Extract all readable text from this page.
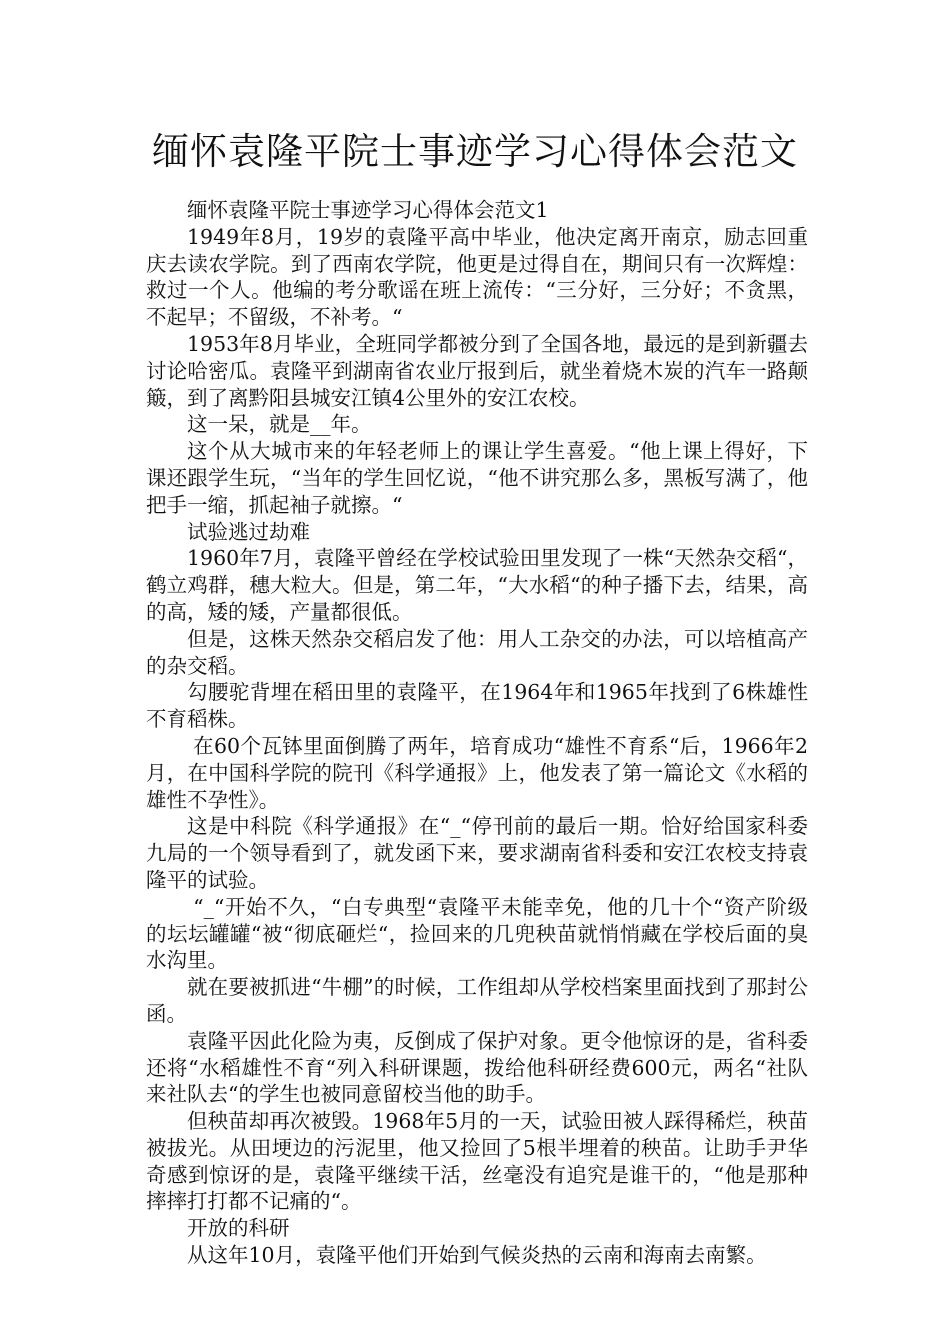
缅怀袁隆平院士事迹学习心得体会范文

缅怀袁隆平院士事迹学习心得体会范文1

1949年8月，19岁的袁隆平高中毕业，他决定离开南京，励志回重庆去读农学院。到了西南农学院，他更是过得自在，期间只有一次辉煌：救过一个人。他编的考分歌谣在班上流传：“三分好，三分好；不贪黑，不起早；不留级，不补考。“

1953年8月毕业，全班同学都被分到了全国各地，最远的是到新疆去讨论哈密瓜。袁隆平到湖南省农业厅报到后，就坐着烧木炭的汽车一路颠簸，到了离黔阳县城安江镇4公里外的安江农校。

这一呆，就是__年。

这个从大城市来的年轻老师上的课让学生喜爱。“他上课上得好，下课还跟学生玩，“当年的学生回忆说，“他不讲究那么多，黑板写满了，他把手一缩，抓起袖子就擦。“

试验逃过劫难

1960年7月，袁隆平曾经在学校试验田里发现了一株“天然杂交稻“，鹤立鸡群，穗大粒大。但是，第二年，“大水稻“的种子播下去，结果，高的高，矮的矮，产量都很低。

但是，这株天然杂交稻启发了他：用人工杂交的办法，可以培植高产的杂交稻。

勾腰驼背埋在稻田里的袁隆平，在1964年和1965年找到了6株雄性不育稻株。

在60个瓦钵里面倒腾了两年，培育成功“雄性不育系“后，1966年2月，在中国科学院的院刊《科学通报》上，他发表了第一篇论文《水稻的雄性不孕性》。

这是中科院《科学通报》在“_“停刊前的最后一期。恰好给国家科委九局的一个领导看到了，就发函下来，要求湖南省科委和安江农校支持袁隆平的试验。

“_“开始不久，“白专典型“袁隆平未能幸免，他的几十个“资产阶级的坛坛罐罐“被“彻底砸烂“，捡回来的几兜秧苗就悄悄藏在学校后面的臭水沟里。

就在要被抓进“牛棚”的时候，工作组却从学校档案里面找到了那封公函。

袁隆平因此化险为夷，反倒成了保护对象。更令他惊讶的是，省科委还将“水稻雄性不育“列入科研课题，拨给他科研经费600元，两名“社队来社队去“的学生也被同意留校当他的助手。

但秧苗却再次被毁。1968年5月的一天，试验田被人踩得稀烂，秧苗被拔光。从田埂边的污泥里，他又捡回了5根半埋着的秧苗。让助手尹华奇感到惊讶的是，袁隆平继续干活，丝毫没有追究是谁干的，“他是那种摔摔打打都不记痛的“。

开放的科研

从这年10月，袁隆平他们开始到气候炎热的云南和海南去南繁。
